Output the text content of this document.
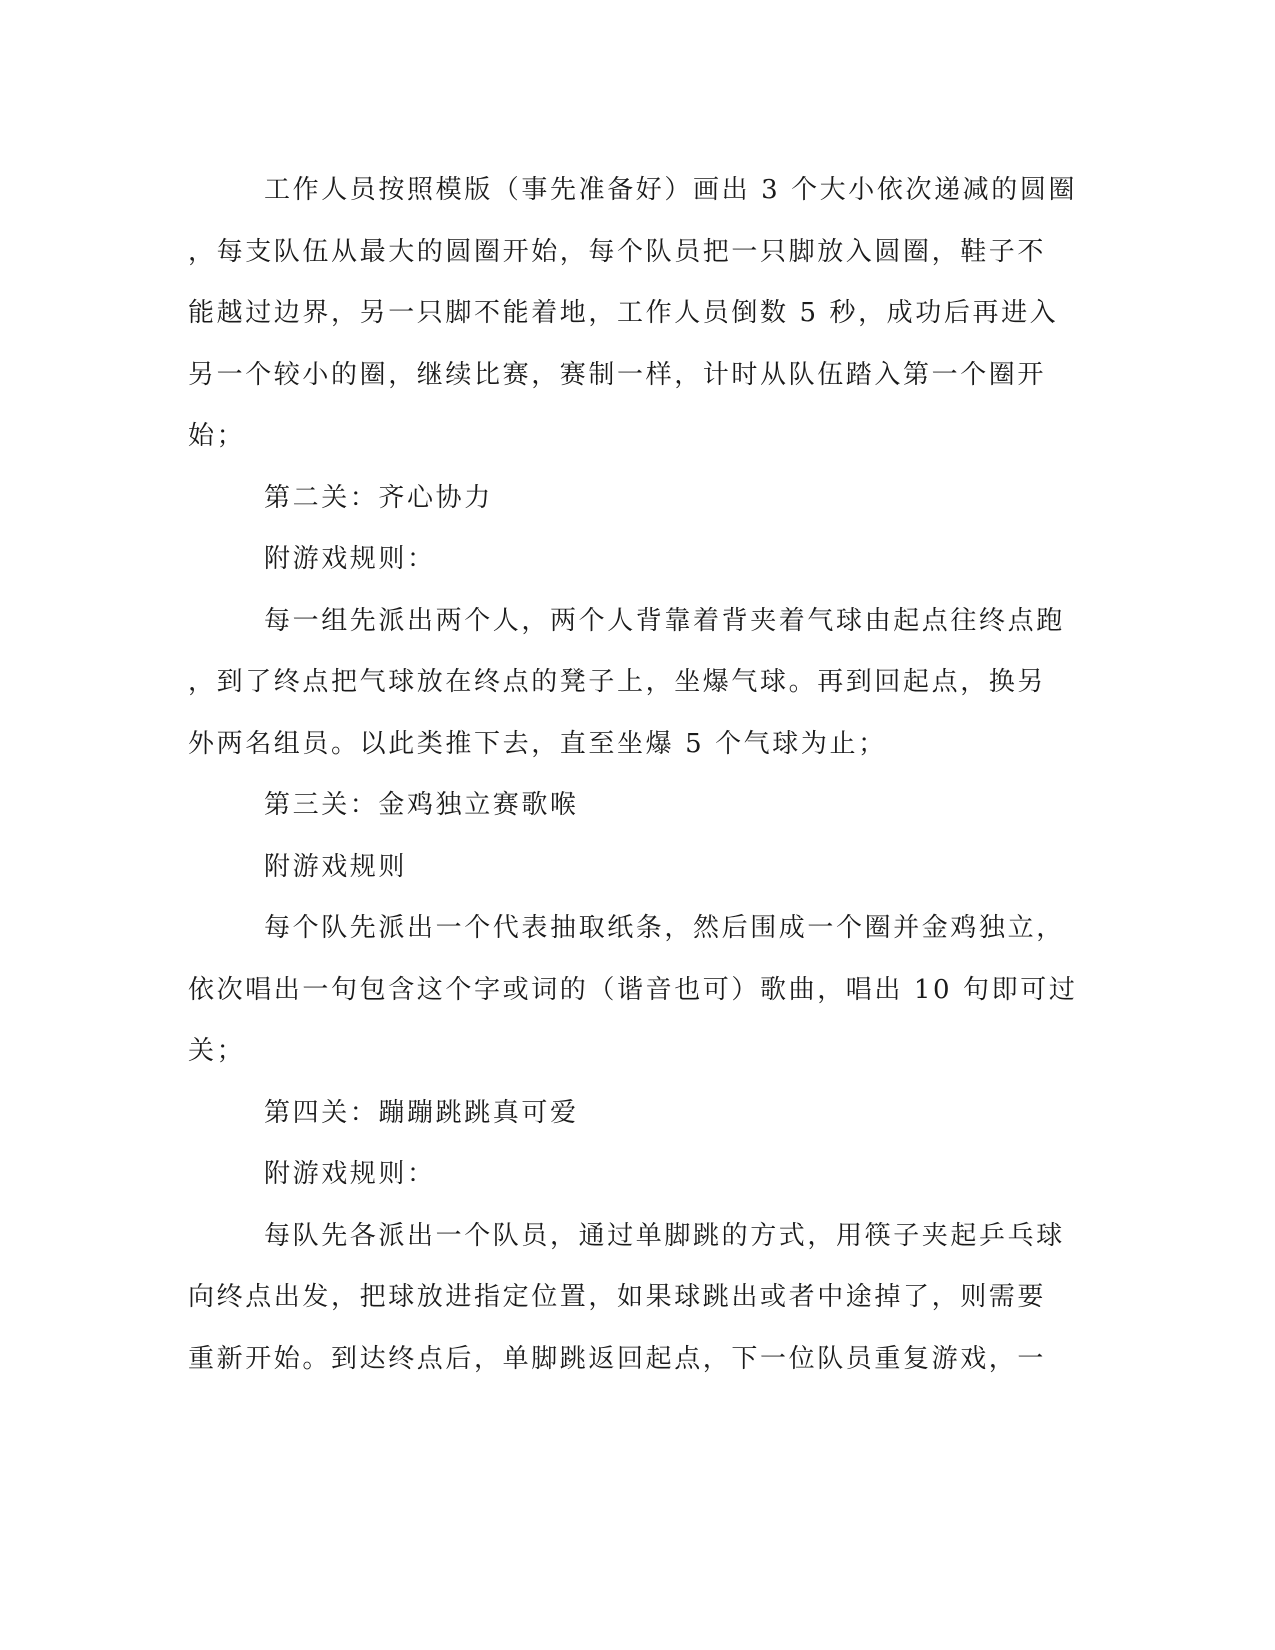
工作人员按照模版（事先准备好）画出 3 个大小依次递减的圆圈
，每支队伍从最大的圆圈开始，每个队员把一只脚放入圆圈，鞋子不
能越过边界，另一只脚不能着地，工作人员倒数 5 秒，成功后再进入
另一个较小的圈，继续比赛，赛制一样，计时从队伍踏入第一个圈开
始；
第二关：齐心协力
附游戏规则：
每一组先派出两个人，两个人背靠着背夹着气球由起点往终点跑
，到了终点把气球放在终点的凳子上，坐爆气球。再到回起点，换另
外两名组员。以此类推下去，直至坐爆 5 个气球为止；
第三关：金鸡独立赛歌喉
附游戏规则
每个队先派出一个代表抽取纸条，然后围成一个圈并金鸡独立，
依次唱出一句包含这个字或词的（谐音也可）歌曲，唱出 10 句即可过
关；
第四关：蹦蹦跳跳真可爱
附游戏规则：
每队先各派出一个队员，通过单脚跳的方式，用筷子夹起乒乓球
向终点出发，把球放进指定位置，如果球跳出或者中途掉了，则需要
重新开始。到达终点后，单脚跳返回起点，下一位队员重复游戏，一
